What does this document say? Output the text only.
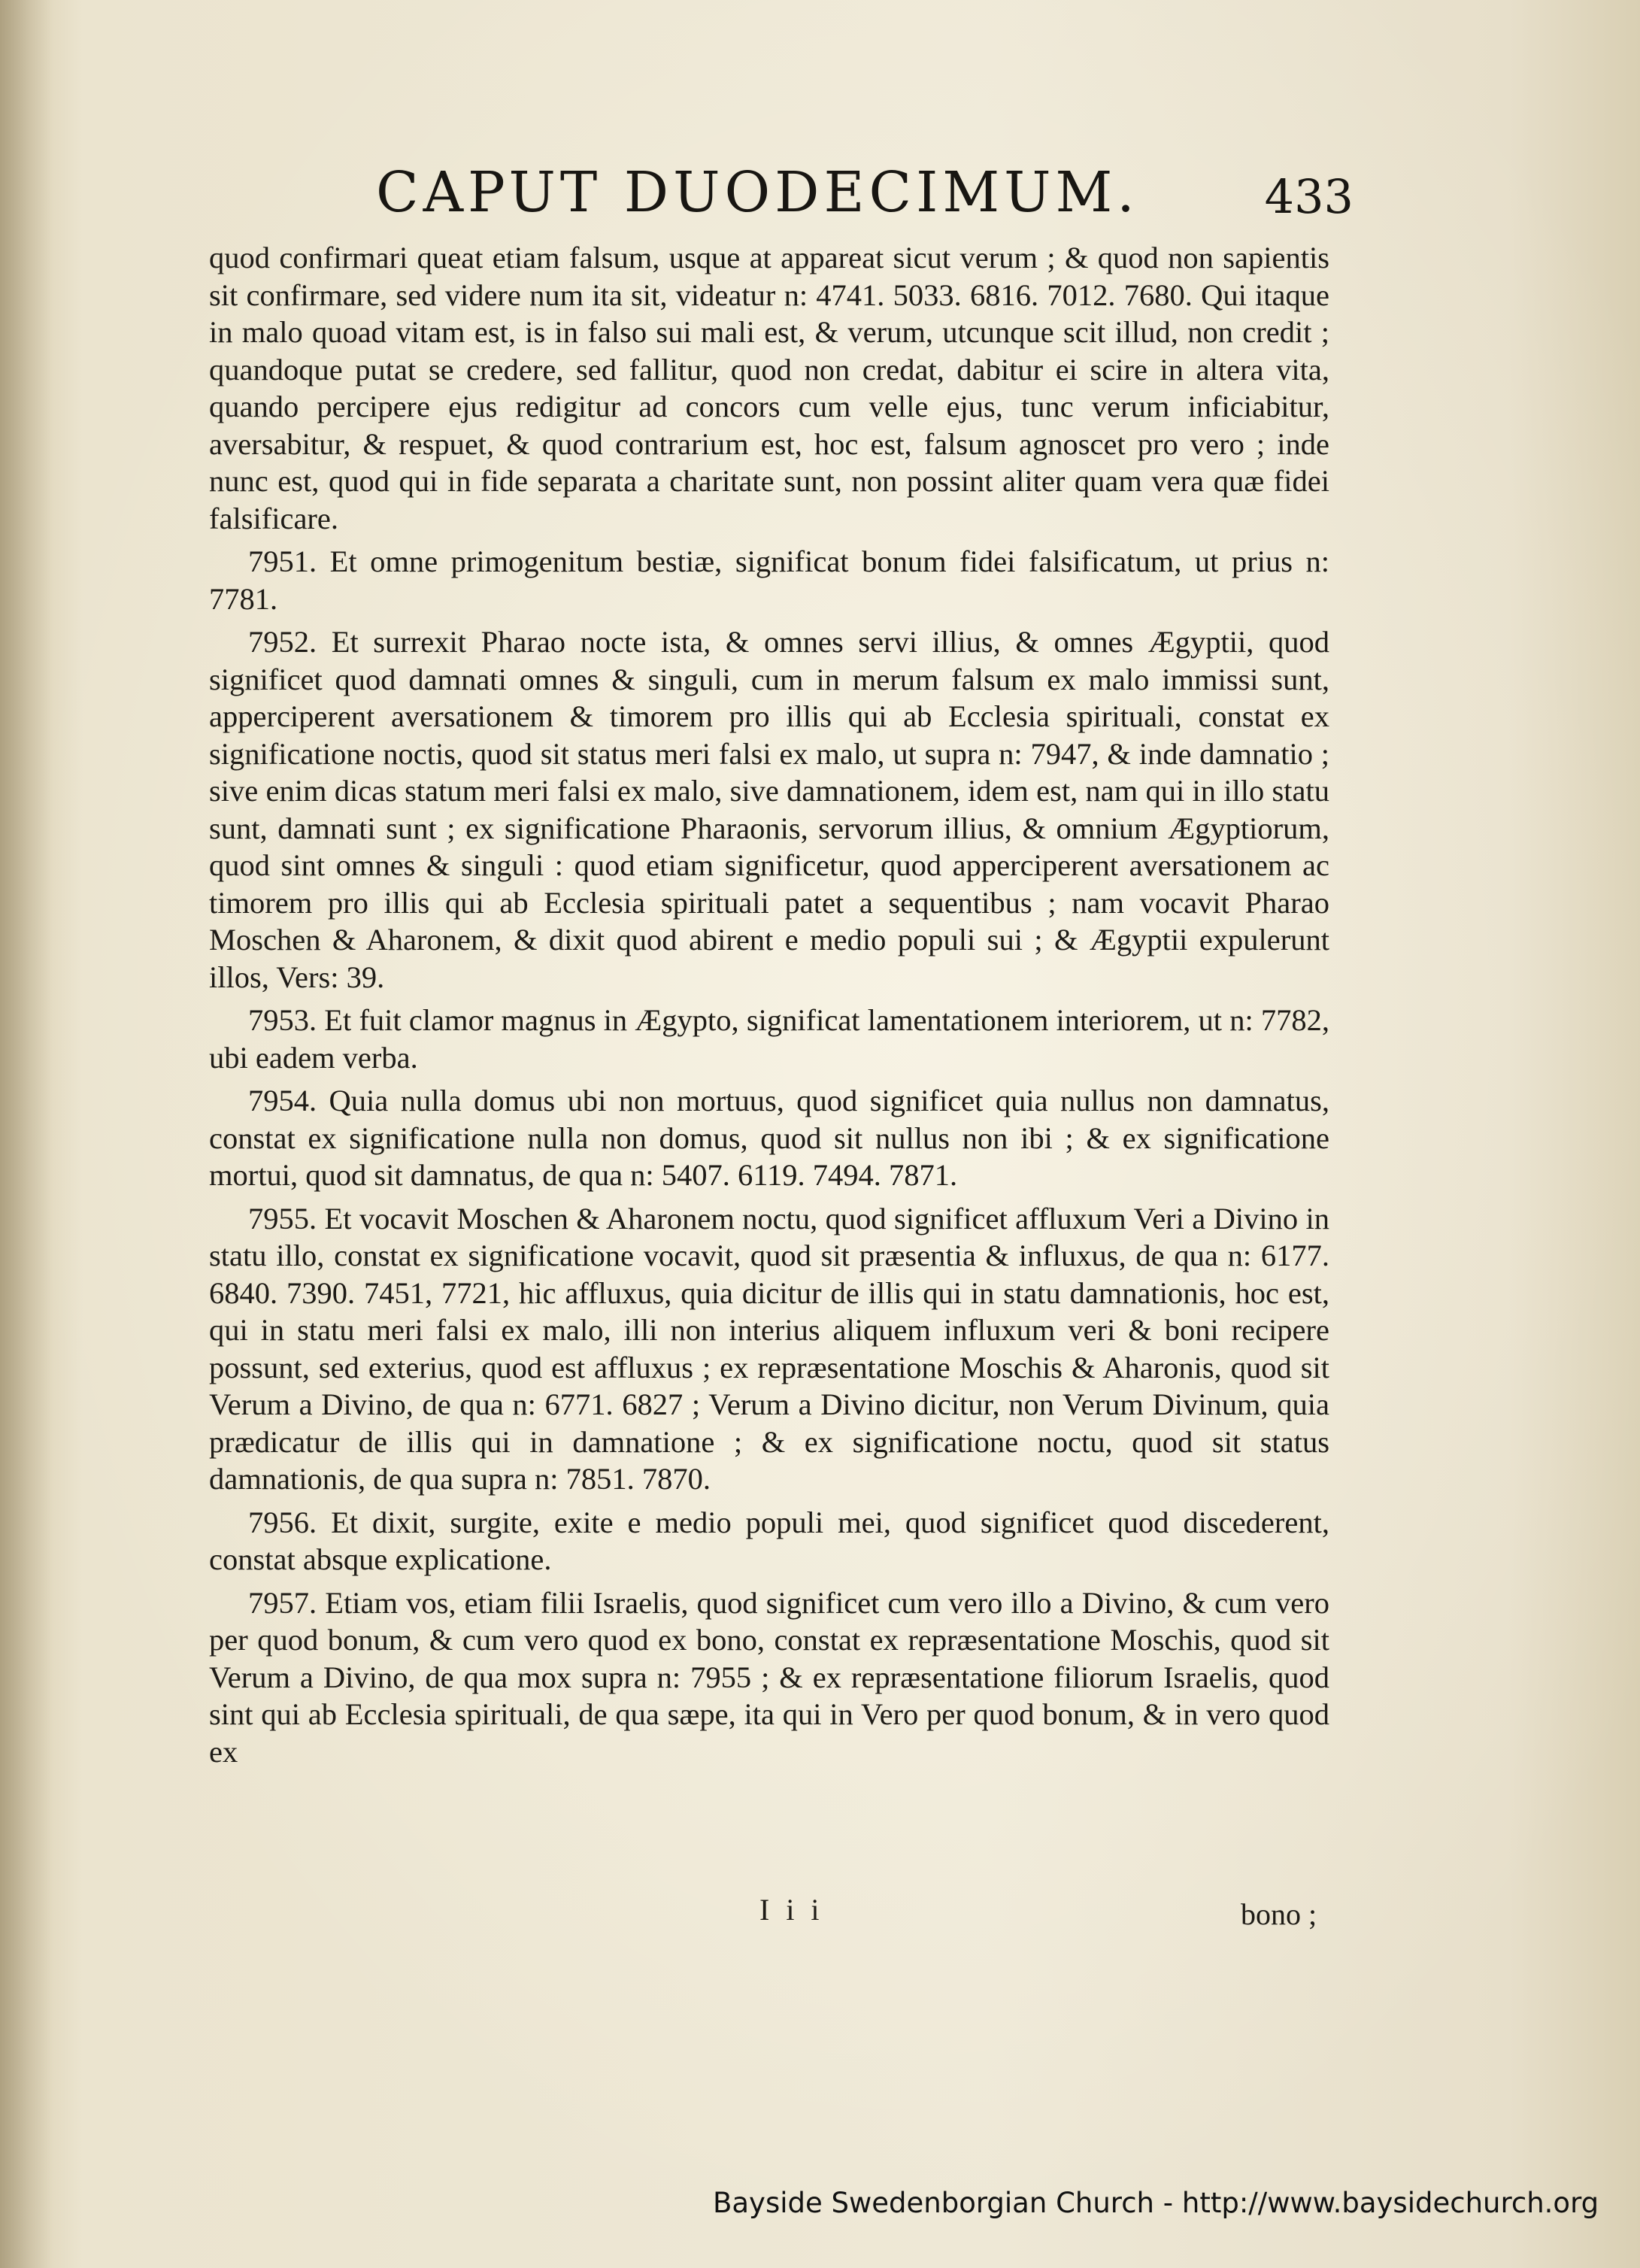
CAPUT DUODECIMUM.	433

quod confirmari queat etiam falsum, usque at appareat sicut verum ; & quod non sapientis sit confirmare, sed videre num ita sit, videatur n: 4741. 5033. 6816. 7012. 7680. Qui itaque in malo quoad vitam est, is in falso sui mali est, & verum, utcunque scit illud, non credit ; quandoque putat se credere, sed fallitur, quod non credat, dabitur ei scire in altera vita, quando percipere ejus redigitur ad concors cum velle ejus, tunc verum inficiabitur, aversabitur, & respuet, & quod contrarium est, hoc est, falsum agnoscet pro vero ; inde nunc est, quod qui in fide separata a charitate sunt, non possint aliter quam vera quæ fidei falsificare.

7951. Et omne primogenitum bestiæ, significat bonum fidei falsificatum, ut prius n: 7781.

7952. Et surrexit Pharao nocte ista, & omnes servi illius, & omnes Ægyptii, quod significet quod damnati omnes & singuli, cum in merum falsum ex malo immissi sunt, apperciperent aversationem & timorem pro illis qui ab Ecclesia spirituali, constat ex significatione noctis, quod sit status meri falsi ex malo, ut supra n: 7947, & inde damnatio ; sive enim dicas statum meri falsi ex malo, sive damnationem, idem est, nam qui in illo statu sunt, damnati sunt ; ex significatione Pharaonis, servorum illius, & omnium Ægyptiorum, quod sint omnes & singuli : quod etiam significetur, quod apperciperent aversationem ac timorem pro illis qui ab Ecclesia spirituali patet a sequentibus ; nam vocavit Pharao Moschen & Aharonem, & dixit quod abirent e medio populi sui ; & Ægyptii expulerunt illos, Vers: 39.

7953. Et fuit clamor magnus in Ægypto, significat lamentationem interiorem, ut n: 7782, ubi eadem verba.

7954. Quia nulla domus ubi non mortuus, quod significet quia nullus non damnatus, constat ex significatione nulla non domus, quod sit nullus non ibi ; & ex significatione mortui, quod sit damnatus, de qua n: 5407. 6119. 7494. 7871.

7955. Et vocavit Moschen & Aharonem noctu, quod significet affluxum Veri a Divino in statu illo, constat ex significatione vocavit, quod sit præsentia & influxus, de qua n: 6177. 6840. 7390. 7451, 7721, hic affluxus, quia dicitur de illis qui in statu damnationis, hoc est, qui in statu meri falsi ex malo, illi non interius aliquem influxum veri & boni recipere possunt, sed exterius, quod est affluxus ; ex repræsentatione Moschis & Aharonis, quod sit Verum a Divino, de qua n: 6771. 6827 ; Verum a Divino dicitur, non Verum Divinum, quia prædicatur de illis qui in damnatione ; & ex significatione noctu, quod sit status damnationis, de qua supra n: 7851. 7870.

7956. Et dixit, surgite, exite e medio populi mei, quod significet quod discederent, constat absque explicatione.

7957. Etiam vos, etiam filii Israelis, quod significet cum vero illo a Divino, & cum vero per quod bonum, & cum vero quod ex bono, constat ex repræsentatione Moschis, quod sit Verum a Divino, de qua mox supra n: 7955 ; & ex repræsentatione filiorum Israelis, quod sint qui ab Ecclesia spirituali, de qua sæpe, ita qui in Vero per quod bonum, & in vero quod ex

I i i	bono ;
Bayside Swedenborgian Church - http://www.baysidechurch.org
